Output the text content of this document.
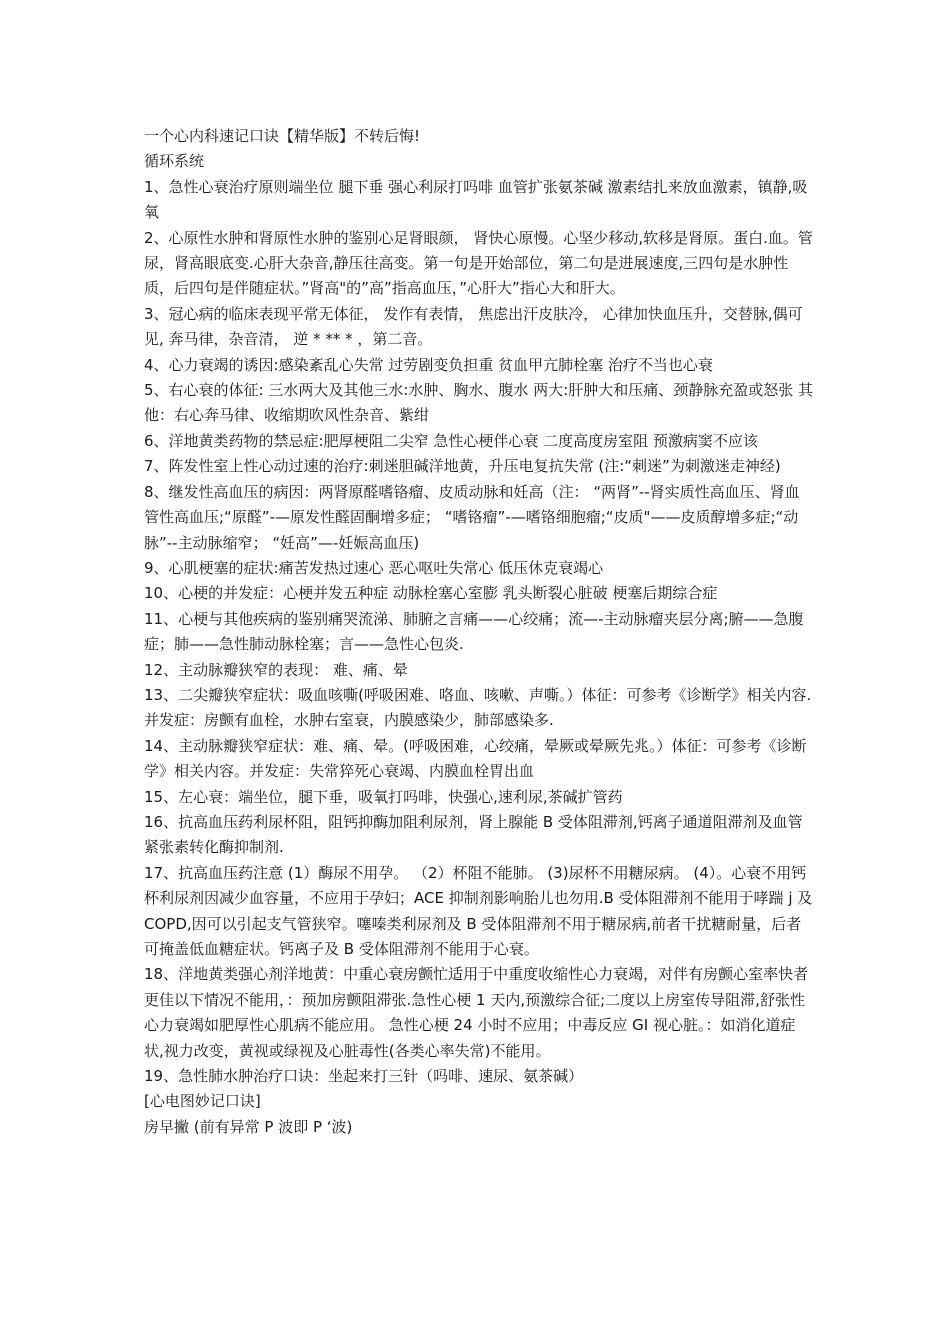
一个心内科速记口诀【精华版】不转后悔!

循环系统

1、急性心衰治疗原则端坐位 腿下垂 强心利尿打吗啡 血管扩张氨茶碱 激素结扎来放血激素，镇静,吸氧

2、心原性水肿和肾原性水肿的鉴别心足肾眼颜， 肾快心原慢。心坚少移动,软移是肾原。蛋白.血。管尿，肾高眼底变.心肝大杂音,静压往高变。第一句是开始部位，第二句是进展速度,三四句是水肿性质，后四句是伴随症状。”肾高"的”高”指高血压，”心肝大”指心大和肝大。

3、冠心病的临床表现平常无体征， 发作有表情， 焦虑出汗皮肤冷， 心律加快血压升，交替脉,偶可见, 奔马律，杂音清， 逆 * ** * ，第二音。

4、心力衰竭的诱因:感染紊乱心失常 过劳剧变负担重 贫血甲亢肺栓塞 治疗不当也心衰

5、右心衰的体征: 三水两大及其他三水:水肿、胸水、腹水 两大:肝肿大和压痛、颈静脉充盈或怒张 其他：右心奔马律、收缩期吹风性杂音、紫绀

6、洋地黄类药物的禁忌症:肥厚梗阻二尖窄 急性心梗伴心衰 二度高度房室阻 预激病窦不应该

7、阵发性室上性心动过速的治疗:刺迷胆碱洋地黄，升压电复抗失常 (注:“刺迷”为刺激迷走神经)

8、继发性高血压的病因：两肾原醛嗜铬瘤、皮质动脉和妊高（注： “两肾”--肾实质性高血压、肾血管性高血压;“原醛”-—原发性醛固酮增多症； “嗜铬瘤”-—嗜铬细胞瘤;“皮质"——皮质醇增多症;“动脉”--主动脉缩窄； “妊高”—-妊娠高血压)

9、心肌梗塞的症状:痛苦发热过速心 恶心呕吐失常心 低压休克衰竭心

10、心梗的并发症：心梗并发五种症 动脉栓塞心室膨 乳头断裂心脏破 梗塞后期综合症

11、心梗与其他疾病的鉴别痛哭流涕、肺腑之言痛——心绞痛；流—-主动脉瘤夹层分离;腑——急腹症；肺——急性肺动脉栓塞；言——急性心包炎.

12、主动脉瓣狭窄的表现： 难、痛、晕

13、二尖瓣狭窄症状：吸血咳嘶(呼吸困难、咯血、咳嗽、声嘶。）体征：可参考《诊断学》相关内容.并发症：房颤有血栓，水肿右室衰，内膜感染少，肺部感染多.

14、主动脉瓣狭窄症状：难、痛、晕。(呼吸困难，心绞痛，晕厥或晕厥先兆。）体征：可参考《诊断学》相关内容。并发症：失常猝死心衰竭、内膜血栓胃出血

15、左心衰：端坐位，腿下垂，吸氧打吗啡，快强心,速利尿,茶碱扩管药

16、抗高血压药利尿杯阻，阻钙抑酶加阻利尿剂，肾上腺能 B 受体阻滞剂,钙离子通道阻滞剂及血管紧张素转化酶抑制剂.

17、抗高血压药注意 (1）酶尿不用孕。 （2）杯阻不能肺。 (3)尿杯不用糖尿病。 (4）。心衰不用钙杯利尿剂因减少血容量，不应用于孕妇；ACE 抑制剂影响胎儿也勿用.B 受体阻滞剂不能用于哮踹 j 及 COPD,因可以引起支气管狭窄。噻嗪类利尿剂及 B 受体阻滞剂不用于糖尿病,前者干扰糖耐量，后者可掩盖低血糖症状。钙离子及 B 受体阻滞剂不能用于心衰。

18、洋地黄类强心剂洋地黄：中重心衰房颤忙适用于中重度收缩性心力衰竭，对伴有房颤心室率快者更佳以下情况不能用，：预加房颤阻滞张.急性心梗 1 天内,预激综合征;二度以上房室传导阻滞,舒张性心力衰竭如肥厚性心肌病不能应用。 急性心梗 24 小时不应用；中毒反应 GI 视心脏。：如消化道症状,视力改变，黄视或绿视及心脏毒性(各类心率失常)不能用。

19、急性肺水肿治疗口诀：坐起来打三针（吗啡、速尿、氨茶碱）

[心电图妙记口诀]

房早撇 (前有异常 P 波即 P ‘波)
